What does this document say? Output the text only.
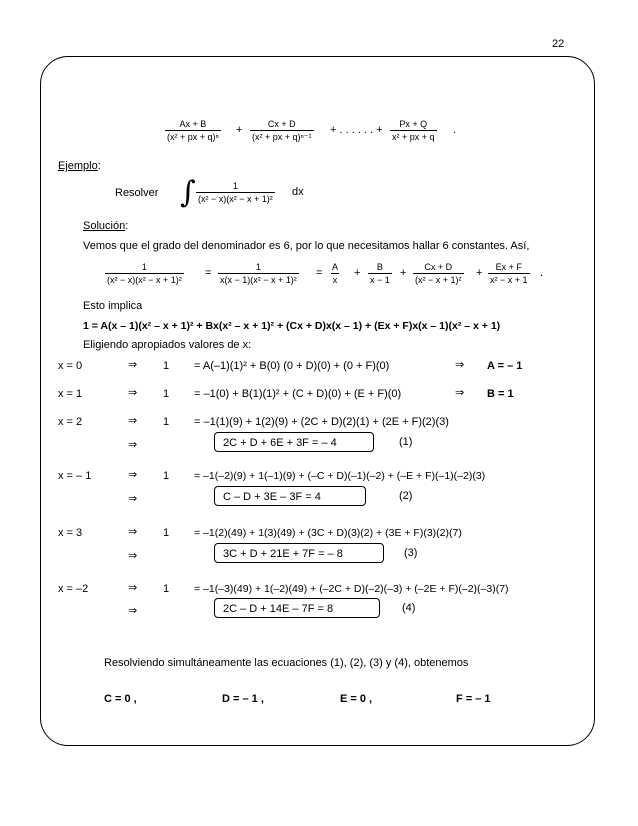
22
$\frac{Ax + B}{\text{(x² + px + q)ⁿ}} + \frac{Cx + D}{\text{(x² + px + q)ⁿ⁻¹}}$ + . . . . . . + $\frac{Px + Q}{\text{x² + px + q}}$ .
Ejemplo:
Resolver ∫ $\frac{1}{\text{(x² − x)(x² − x + 1)²}}$ dx
Solución:
Vemos que el grado del denominador es 6, por lo que necesitamos hallar 6 constantes. Así,
$\frac{1}{\text{(x² − x)(x² − x + 1)²}} = \frac{1}{\text{x(x − 1)(x² − x + 1)²}} = \frac{A}{x} + \frac{B}{x - 1} + \frac{Cx + D}{\text{(x² − x + 1)²}} + \frac{Ex + F}{\text{x² − x + 1}}$ .
Esto implica
1 = A(x – 1)(x² – x + 1)² + Bx(x² – x + 1)² + (Cx + D)x(x – 1) + (Ex + F)x(x – 1)(x² – x + 1)
Eligiendo apropiados valores de x:
x = 0	⇒ 1 = A(–1)(1)² + B(0) (0 + D)(0) + (0 + F)(0)	⇒ A = – 1
x = 1	⇒ 1 = –1(0) + B(1)(1)² + (C + D)(0) + (E + F)(0)	⇒ B = 1
x = 2	⇒ 1 = –1(1)(9) + 1(2)(9) + (2C + D)(2)(1) + (2E + F)(2)(3)
⇒	2C + D + 6E + 3F = – 4	(1)
x = – 1	⇒ 1 = –1(–2)(9) + 1(–1)(9) + (–C + D)(–1)(–2) + (–E + F)(–1)(–2)(3)
⇒	C – D + 3E – 3F = 4	(2)
x = 3	⇒ 1 = –1(2)(49) + 1(3)(49) + (3C + D)(3)(2) + (3E + F)(3)(2)(7)
⇒	3C + D + 21E + 7F = – 8	(3)
x = –2	⇒ 1 = –1(–3)(49) + 1(–2)(49) + (–2C + D)(–2)(–3) + (–2E + F)(–2)(–3)(7)
⇒	2C – D + 14E – 7F = 8	(4)
Resolviendo simultáneamente las ecuaciones (1), (2), (3) y (4), obtenemos
C = 0 ,	D = – 1 ,	E = 0 ,	F = – 1
